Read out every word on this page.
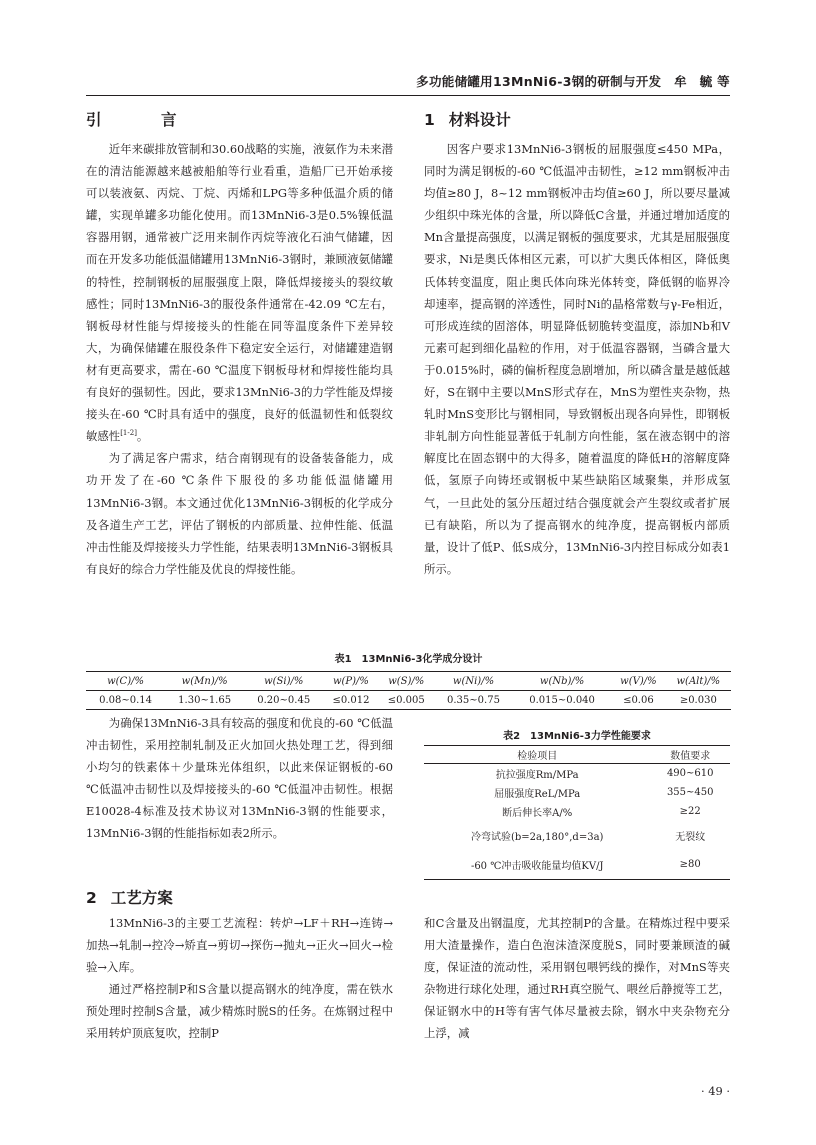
多功能储罐用13MnNi6-3钢的研制与开发　牟　毓 等
引　言

近年来碳排放管制和30.60战略的实施，液氨作为未来潜在的清洁能源越来越被船舶等行业看重，造船厂已开始承接可以装液氨、丙烷、丁烷、丙烯和LPG等多种低温介质的储罐，实现单罐多功能化使用。而13MnNi6-3是0.5%镍低温容器用钢，通常被广泛用来制作丙烷等液化石油气储罐，因而在开发多功能低温储罐用13MnNi6-3钢时，兼顾液氨储罐的特性，控制钢板的屈服强度上限，降低焊接接头的裂纹敏感性；同时13MnNi6-3的服役条件通常在-42.09 ℃左右，钢板母材性能与焊接接头的性能在同等温度条件下差异较大，为确保储罐在服役条件下稳定安全运行，对储罐建造钢材有更高要求，需在-60 ℃温度下钢板母材和焊接性能均具有良好的强韧性。因此，要求13MnNi6-3的力学性能及焊接接头在-60 ℃时具有适中的强度，良好的低温韧性和低裂纹敏感性[1-2]。

为了满足客户需求，结合南钢现有的设备装备能力，成功开发了在-60 ℃条件下服役的多功能低温储罐用13MnNi6-3钢。本文通过优化13MnNi6-3钢板的化学成分及各道生产工艺，评估了钢板的内部质量、拉伸性能、低温冲击性能及焊接接头力学性能，结果表明13MnNi6-3钢板具有良好的综合力学性能及优良的焊接性能。

1 材料设计

因客户要求13MnNi6-3钢板的屈服强度≤450 MPa，同时为满足钢板的-60 ℃低温冲击韧性，≥12 mm钢板冲击均值≥80 J，8~12 mm钢板冲击均值≥60 J，所以要尽量减少组织中珠光体的含量，所以降低C含量，并通过增加适度的Mn含量提高强度，以满足钢板的强度要求，尤其是屈服强度要求，Ni是奥氏体相区元素，可以扩大奥氏体相区，降低奥氏体转变温度，阻止奥氏体向珠光体转变，降低钢的临界冷却速率，提高钢的淬透性，同时Ni的晶格常数与γ-Fe相近，可形成连续的固溶体，明显降低韧脆转变温度，添加Nb和V元素可起到细化晶粒的作用，对于低温容器钢，当磷含量大于0.015%时，磷的偏析程度急剧增加，所以磷含量是越低越好，S在钢中主要以MnS形式存在，MnS为塑性夹杂物，热轧时MnS变形比与钢相同，导致钢板出现各向异性，即钢板非轧制方向性能显著低于轧制方向性能，氢在液态钢中的溶解度比在固态钢中的大得多，随着温度的降低H的溶解度降低，氢原子向铸坯或钢板中某些缺陷区域聚集，并形成氢气，一旦此处的氢分压超过结合强度就会产生裂纹或者扩展已有缺陷，所以为了提高钢水的纯净度，提高钢板内部质量，设计了低P、低S成分，13MnNi6-3内控目标成分如表1所示。

表1　13MnNi6-3化学成分设计
w(C)/%	w(Mn)/%	w(Si)/%	w(P)/%	w(S)/%	w(Ni)/%	w(Nb)/%	w(V)/%	w(Alt)/%
0.08~0.14	1.30~1.65	0.20~0.45	≤0.012	≤0.005	0.35~0.75	0.015~0.040	≤0.06	≥0.030

为确保13MnNi6-3具有较高的强度和优良的-60 ℃低温冲击韧性，采用控制轧制及正火加回火热处理工艺，得到细小均匀的铁素体＋少量珠光体组织，以此来保证钢板的-60 ℃低温冲击韧性以及焊接接头的-60 ℃低温冲击韧性。根据E10028-4标准及技术协议对13MnNi6-3钢的性能要求，13MnNi6-3钢的性能指标如表2所示。

2 工艺方案

13MnNi6-3的主要工艺流程：转炉→LF＋RH→连铸→加热→轧制→控冷→矫直→剪切→探伤→抛丸→正火→回火→检验→入库。

通过严格控制P和S含量以提高钢水的纯净度，需在铁水预处理时控制S含量，减少精炼时脱S的任务。在炼钢过程中采用转炉顶底复吹，控制P

表2　13MnNi6-3力学性能要求
检验项目	数值要求
抗拉强度Rm/MPa	490~610
屈服强度ReL/MPa	355~450
断后伸长率A/%	≥22
冷弯试验(b=2a,180°,d=3a)	无裂纹
-60 ℃冲击吸收能量均值KV/J	≥80

和C含量及出钢温度，尤其控制P的含量。在精炼过程中要采用大渣量操作，造白色泡沫渣深度脱S，同时要兼顾渣的碱度，保证渣的流动性，采用钢包喂钙线的操作，对MnS等夹杂物进行球化处理，通过RH真空脱气、喂丝后静搅等工艺，保证钢水中的H等有害气体尽量被去除，钢水中夹杂物充分上浮，减

· 49 ·
